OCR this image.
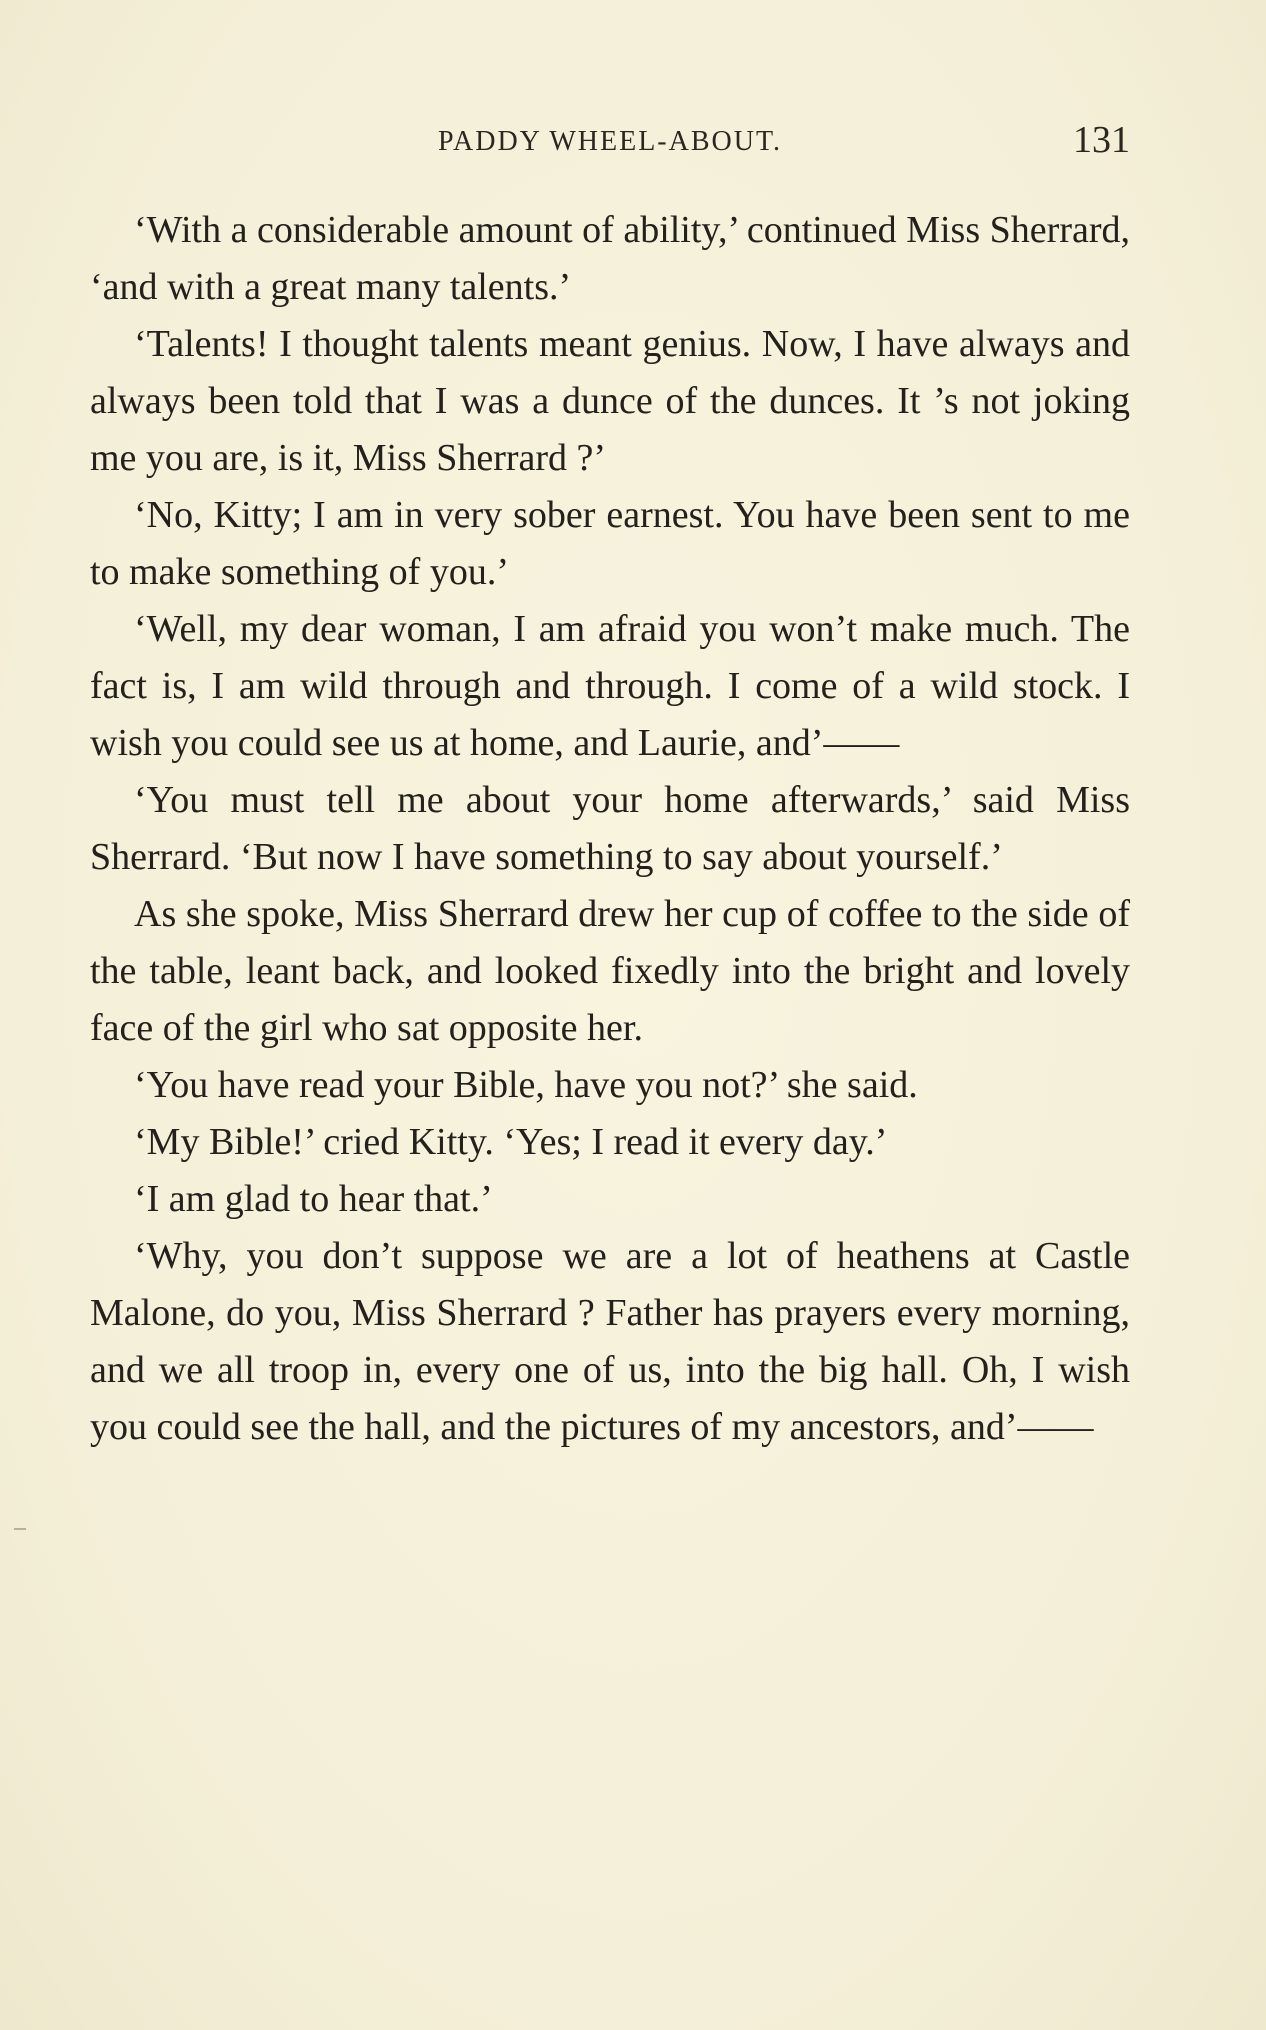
PADDY WHEEL-ABOUT.	131

‘With a considerable amount of ability,’ continued Miss Sherrard, ‘and with a great many talents.’

‘Talents! I thought talents meant genius. Now, I have always and always been told that I was a dunce of the dunces. It ’s not joking me you are, is it, Miss Sherrard ?’

‘No, Kitty; I am in very sober earnest. You have been sent to me to make something of you.’

‘Well, my dear woman, I am afraid you won’t make much. The fact is, I am wild through and through. I come of a wild stock. I wish you could see us at home, and Laurie, and’——

‘You must tell me about your home afterwards,’ said Miss Sherrard. ‘But now I have something to say about yourself.’

As she spoke, Miss Sherrard drew her cup of coffee to the side of the table, leant back, and looked fixedly into the bright and lovely face of the girl who sat opposite her.

‘You have read your Bible, have you not?’ she said.

‘My Bible!’ cried Kitty. ‘Yes; I read it every day.’

‘I am glad to hear that.’

‘Why, you don’t suppose we are a lot of heathens at Castle Malone, do you, Miss Sherrard ? Father has prayers every morning, and we all troop in, every one of us, into the big hall. Oh, I wish you could see the hall, and the pictures of my ancestors, and’——
